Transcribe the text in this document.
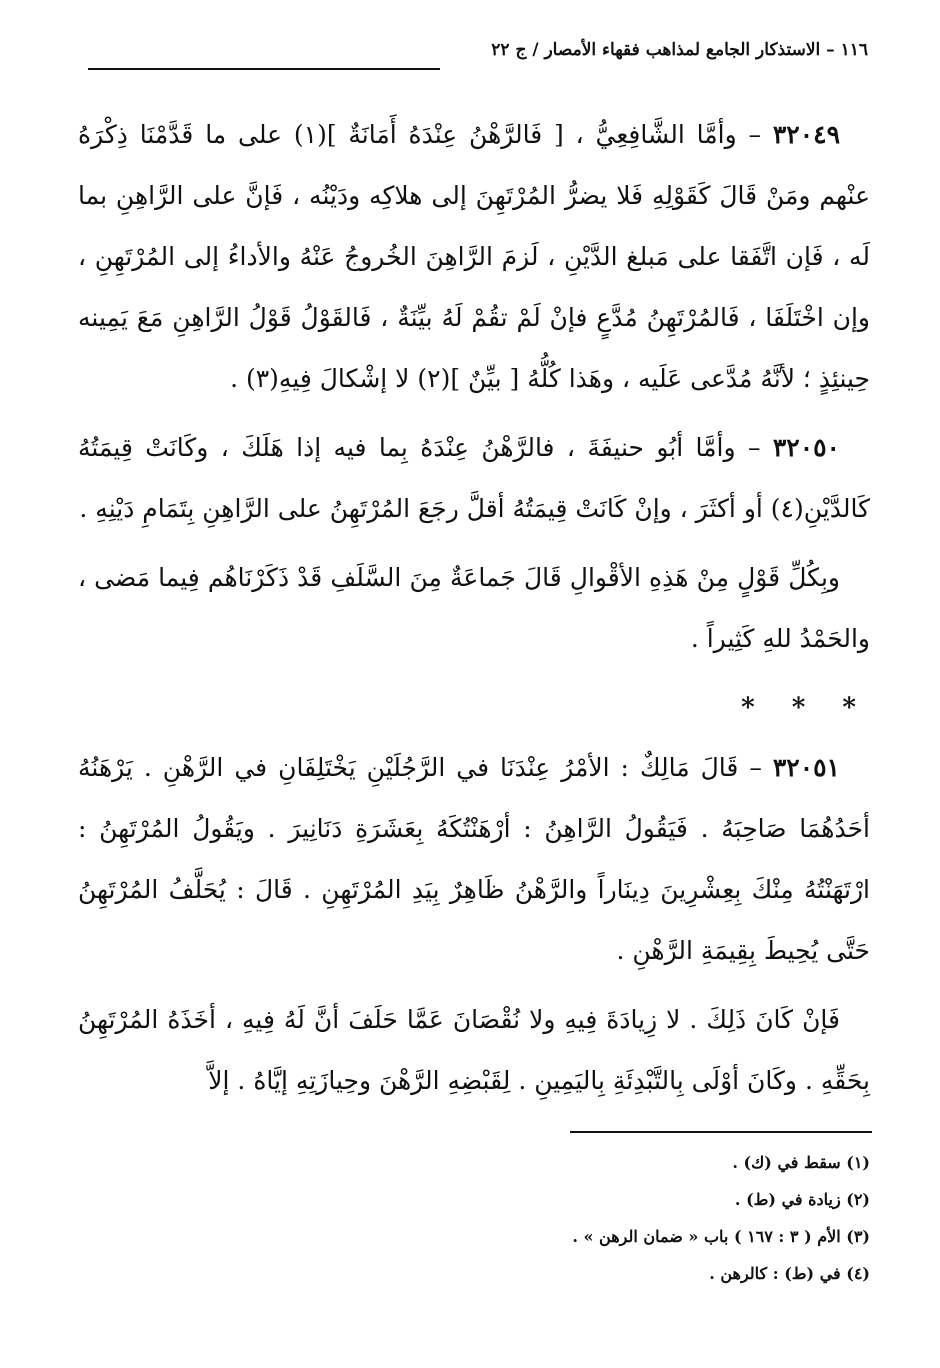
١١٦ – الاستذكار الجامع لمذاهب فقهاء الأمصار / ج ٢٢

٣٢٠٤٩ – وأمَّا الشَّافِعِيُّ ، [ فَالرَّهْنُ عِنْدَهُ أَمَانَةٌ ](١) على ما قَدَّمْنَا ذِكْرَهُ عنْهم ومَنْ قَالَ كَقَوْلِهِ فَلا يضرُّ المُرْتَهِنَ إلى هلاكِه ودَيْنُه ، فَإنَّ على الرَّاهِنِ بما لَه ، فَإن اتَّفَقا على مَبلغ الدَّيْنِ ، لَزمَ الرَّاهِنَ الخُروجُ عَنْهُ والأداءُ إلى المُرْتَهِنِ ، وإن اخْتَلَفَا ، فَالمُرْتَهِنُ مُدَّعٍ فإنْ لَمْ تقُمْ لَهُ بيِّنَةٌ ، فَالقَوْلُ قَوْلُ الرَّاهِنِ مَعَ يَمِينه حِينئِذٍ ؛ لأنَّهُ مُدَّعى عَلَيه ، وهَذا كُلُّهُ [ بيِّنٌ ](٢) لا إشْكالَ فِيهِ(٣) .

٣٢٠٥٠ – وأمَّا أبُو حنيفَةَ ، فالرَّهْنُ عِنْدَهُ بِما فيه إذا هَلَكَ ، وكَانَتْ قِيمَتُهُ كَالدَّيْنِ(٤) أو أكثَرَ ، وإنْ كَانَتْ قِيمَتُهُ أقلَّ رجَعَ المُرْتَهِنُ على الرَّاهِنِ بِتَمَامِ دَيْنِهِ .

وبِكُلِّ قَوْلٍ مِنْ هَذِهِ الأقْوالِ قَالَ جَماعَةٌ مِنَ السَّلَفِ قَدْ ذَكَرْنَاهُم فِيما مَضى ، والحَمْدُ للهِ كَثِيراً .

* * *

٣٢٠٥١ – قَالَ مَالِكٌ : الأمْرُ عِنْدَنَا في الرَّجُلَيْنِ يَخْتَلِفَانِ في الرَّهْنِ . يَرْهَنُهُ أحَدُهُمَا صَاحِبَهُ . فَيَقُولُ الرَّاهِنُ : أرْهَنْتُكَهُ بِعَشَرَةِ دَنَانِيرَ . ويَقُولُ المُرْتَهِنُ : ارْتَهَنْتُهُ مِنْكَ بِعِشْرِينَ دِينَاراً والرَّهْنُ ظَاهِرٌ بِيَدِ المُرْتَهِنِ . قَالَ : يُحَلَّفُ المُرْتَهِنُ حَتَّى يُحِيطَ بِقِيمَةِ الرَّهْنِ .

فَإنْ كَانَ ذَلِكَ . لا زِيادَةَ فِيهِ ولا نُقْصَانَ عَمَّا حَلَفَ أنَّ لَهُ فِيهِ ، أخَذَهُ المُرْتَهِنُ بِحَقِّهِ . وكَانَ أوْلَى بِالتَّبْدِئَةِ بِاليَمِينِ . لِقَبْضِهِ الرَّهْنَ وحِيازَتِهِ إيَّاهُ . إلاَّ

(١) سقط في (ك) .
(٢) زيادة في (ط) .
(٣) الأم ( ٣ : ١٦٧ ) باب « ضمان الرهن » .
(٤) في (ط) : كالرهن .
